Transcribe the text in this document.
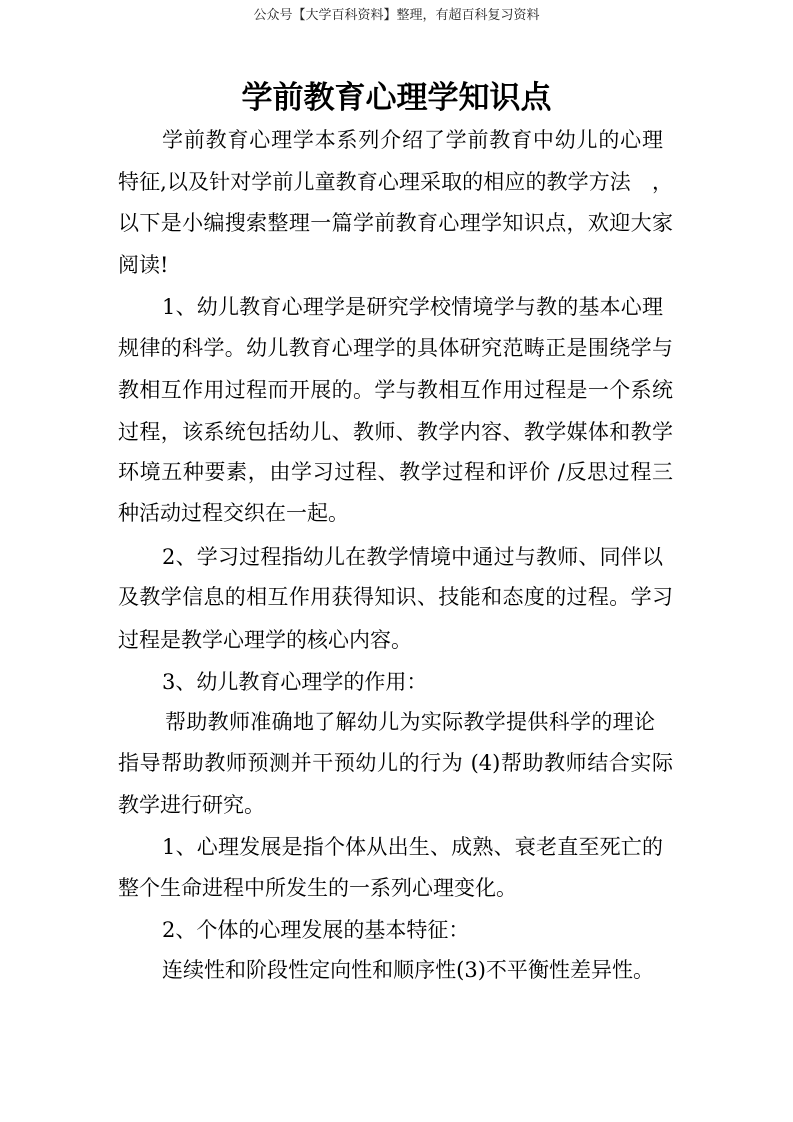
公众号【大学百科资料】整理，有超百科复习资料
学前教育心理学知识点
学前教育心理学本系列介绍了学前教育中幼儿的心理
特征,以及针对学前儿童教育心理采取的相应的教学方法　，
以下是小编搜索整理一篇学前教育心理学知识点，欢迎大家
阅读!
1、幼儿教育心理学是研究学校情境学与教的基本心理
规律的科学。幼儿教育心理学的具体研究范畴正是围绕学与
教相互作用过程而开展的。学与教相互作用过程是一个系统
过程，该系统包括幼儿、教师、教学内容、教学媒体和教学
环境五种要素，由学习过程、教学过程和评价 /反思过程三
种活动过程交织在一起。
2、学习过程指幼儿在教学情境中通过与教师、同伴以
及教学信息的相互作用获得知识、技能和态度的过程。学习
过程是教学心理学的核心内容。
3、幼儿教育心理学的作用：
帮助教师准确地了解幼儿为实际教学提供科学的理论
指导帮助教师预测并干预幼儿的行为 (4)帮助教师结合实际
教学进行研究。
1、心理发展是指个体从出生、成熟、衰老直至死亡的
整个生命进程中所发生的一系列心理变化。
2、个体的心理发展的基本特征：
连续性和阶段性定向性和顺序性(3)不平衡性差异性。
